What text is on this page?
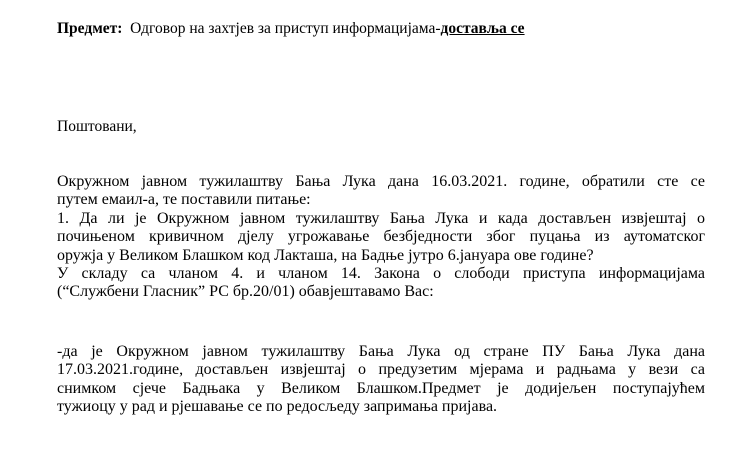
Предмет: Одговор на захтјев за приступ информацијама-достављa се
Поштовани,
Окружном јавном тужилаштву Бања Лука дана 16.03.2021. године, обратили сте се
путем емаил-а, те поставили питање:
1. Да ли је Окружном јавном тужилаштву Бања Лука и када достављен извјештај о
почињеном кривичном дјелу угрожавање безбједности због пуцања из аутоматског
оружја у Великом Блашком код Лакташа, на Бадње јутро 6.јануара ове године?
У складу са чланом 4. и чланом 14. Закона о слободи приступа информацијама
(“Службени Гласник” РС бр.20/01) обавјештавамо Вас:
-да је Окружном јавном тужилаштву Бања Лука од стране ПУ Бања Лука дана
17.03.2021.године, достављен извјештај о предузетим мјерама и радњама у вези са
снимком сјече Бадњака у Великом Блашком.Предмет је додијељен поступајућем
тужиоцу у рад и рјешавање се по редосљеду запримања пријава.
